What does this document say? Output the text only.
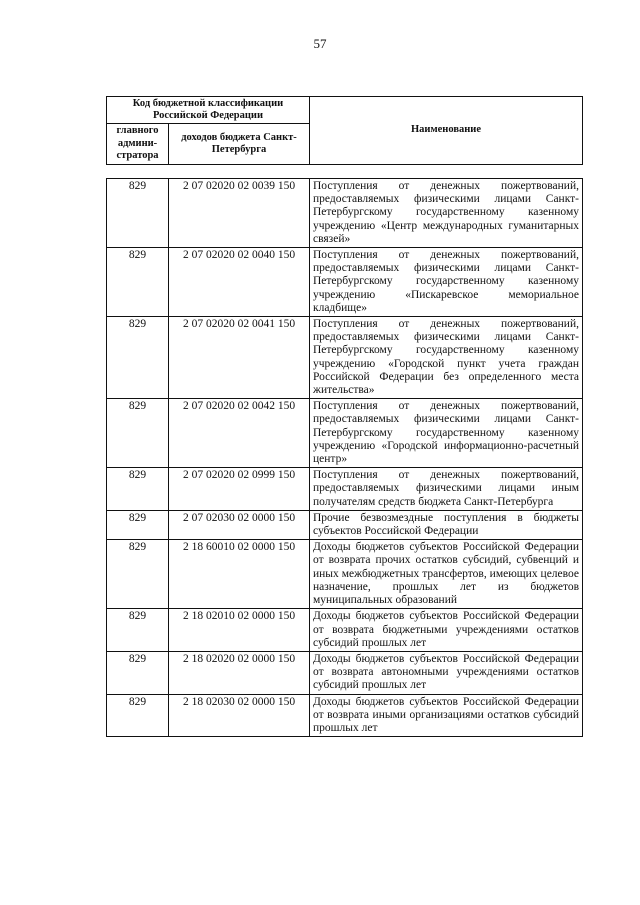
57
Код бюджетной классификации Российской Федерации		Наименование
главного админи-стратора	доходов бюджета Санкт-Петербурга	
829	2 07 02020 02 0039 150	Поступления от денежных пожертвований, предоставляемых физическими лицами Санкт-Петербургскому государственному казенному учреждению «Центр международных гуманитарных связей»
829	2 07 02020 02 0040 150	Поступления от денежных пожертвований, предоставляемых физическими лицами Санкт-Петербургскому государственному казенному учреждению «Пискаревское мемориальное кладбище»
829	2 07 02020 02 0041 150	Поступления от денежных пожертвований, предоставляемых физическими лицами Санкт-Петербургскому государственному казенному учреждению «Городской пункт учета граждан Российской Федерации без определенного места жительства»
829	2 07 02020 02 0042 150	Поступления от денежных пожертвований, предоставляемых физическими лицами Санкт-Петербургскому государственному казенному учреждению «Городской информационно-расчетный центр»
829	2 07 02020 02 0999 150	Поступления от денежных пожертвований, предоставляемых физическими лицами иным получателям средств бюджета Санкт-Петербурга
829	2 07 02030 02 0000 150	Прочие безвозмездные поступления в бюджеты субъектов Российской Федерации
829	2 18 60010 02 0000 150	Доходы бюджетов субъектов Российской Федерации от возврата прочих остатков субсидий, субвенций и иных межбюджетных трансфертов, имеющих целевое назначение, прошлых лет из бюджетов муниципальных образований
829	2 18 02010 02 0000 150	Доходы бюджетов субъектов Российской Федерации от возврата бюджетными учреждениями остатков субсидий прошлых лет
829	2 18 02020 02 0000 150	Доходы бюджетов субъектов Российской Федерации от возврата автономными учреждениями остатков субсидий прошлых лет
829	2 18 02030 02 0000 150	Доходы бюджетов субъектов Российской Федерации от возврата иными организациями остатков субсидий прошлых лет
